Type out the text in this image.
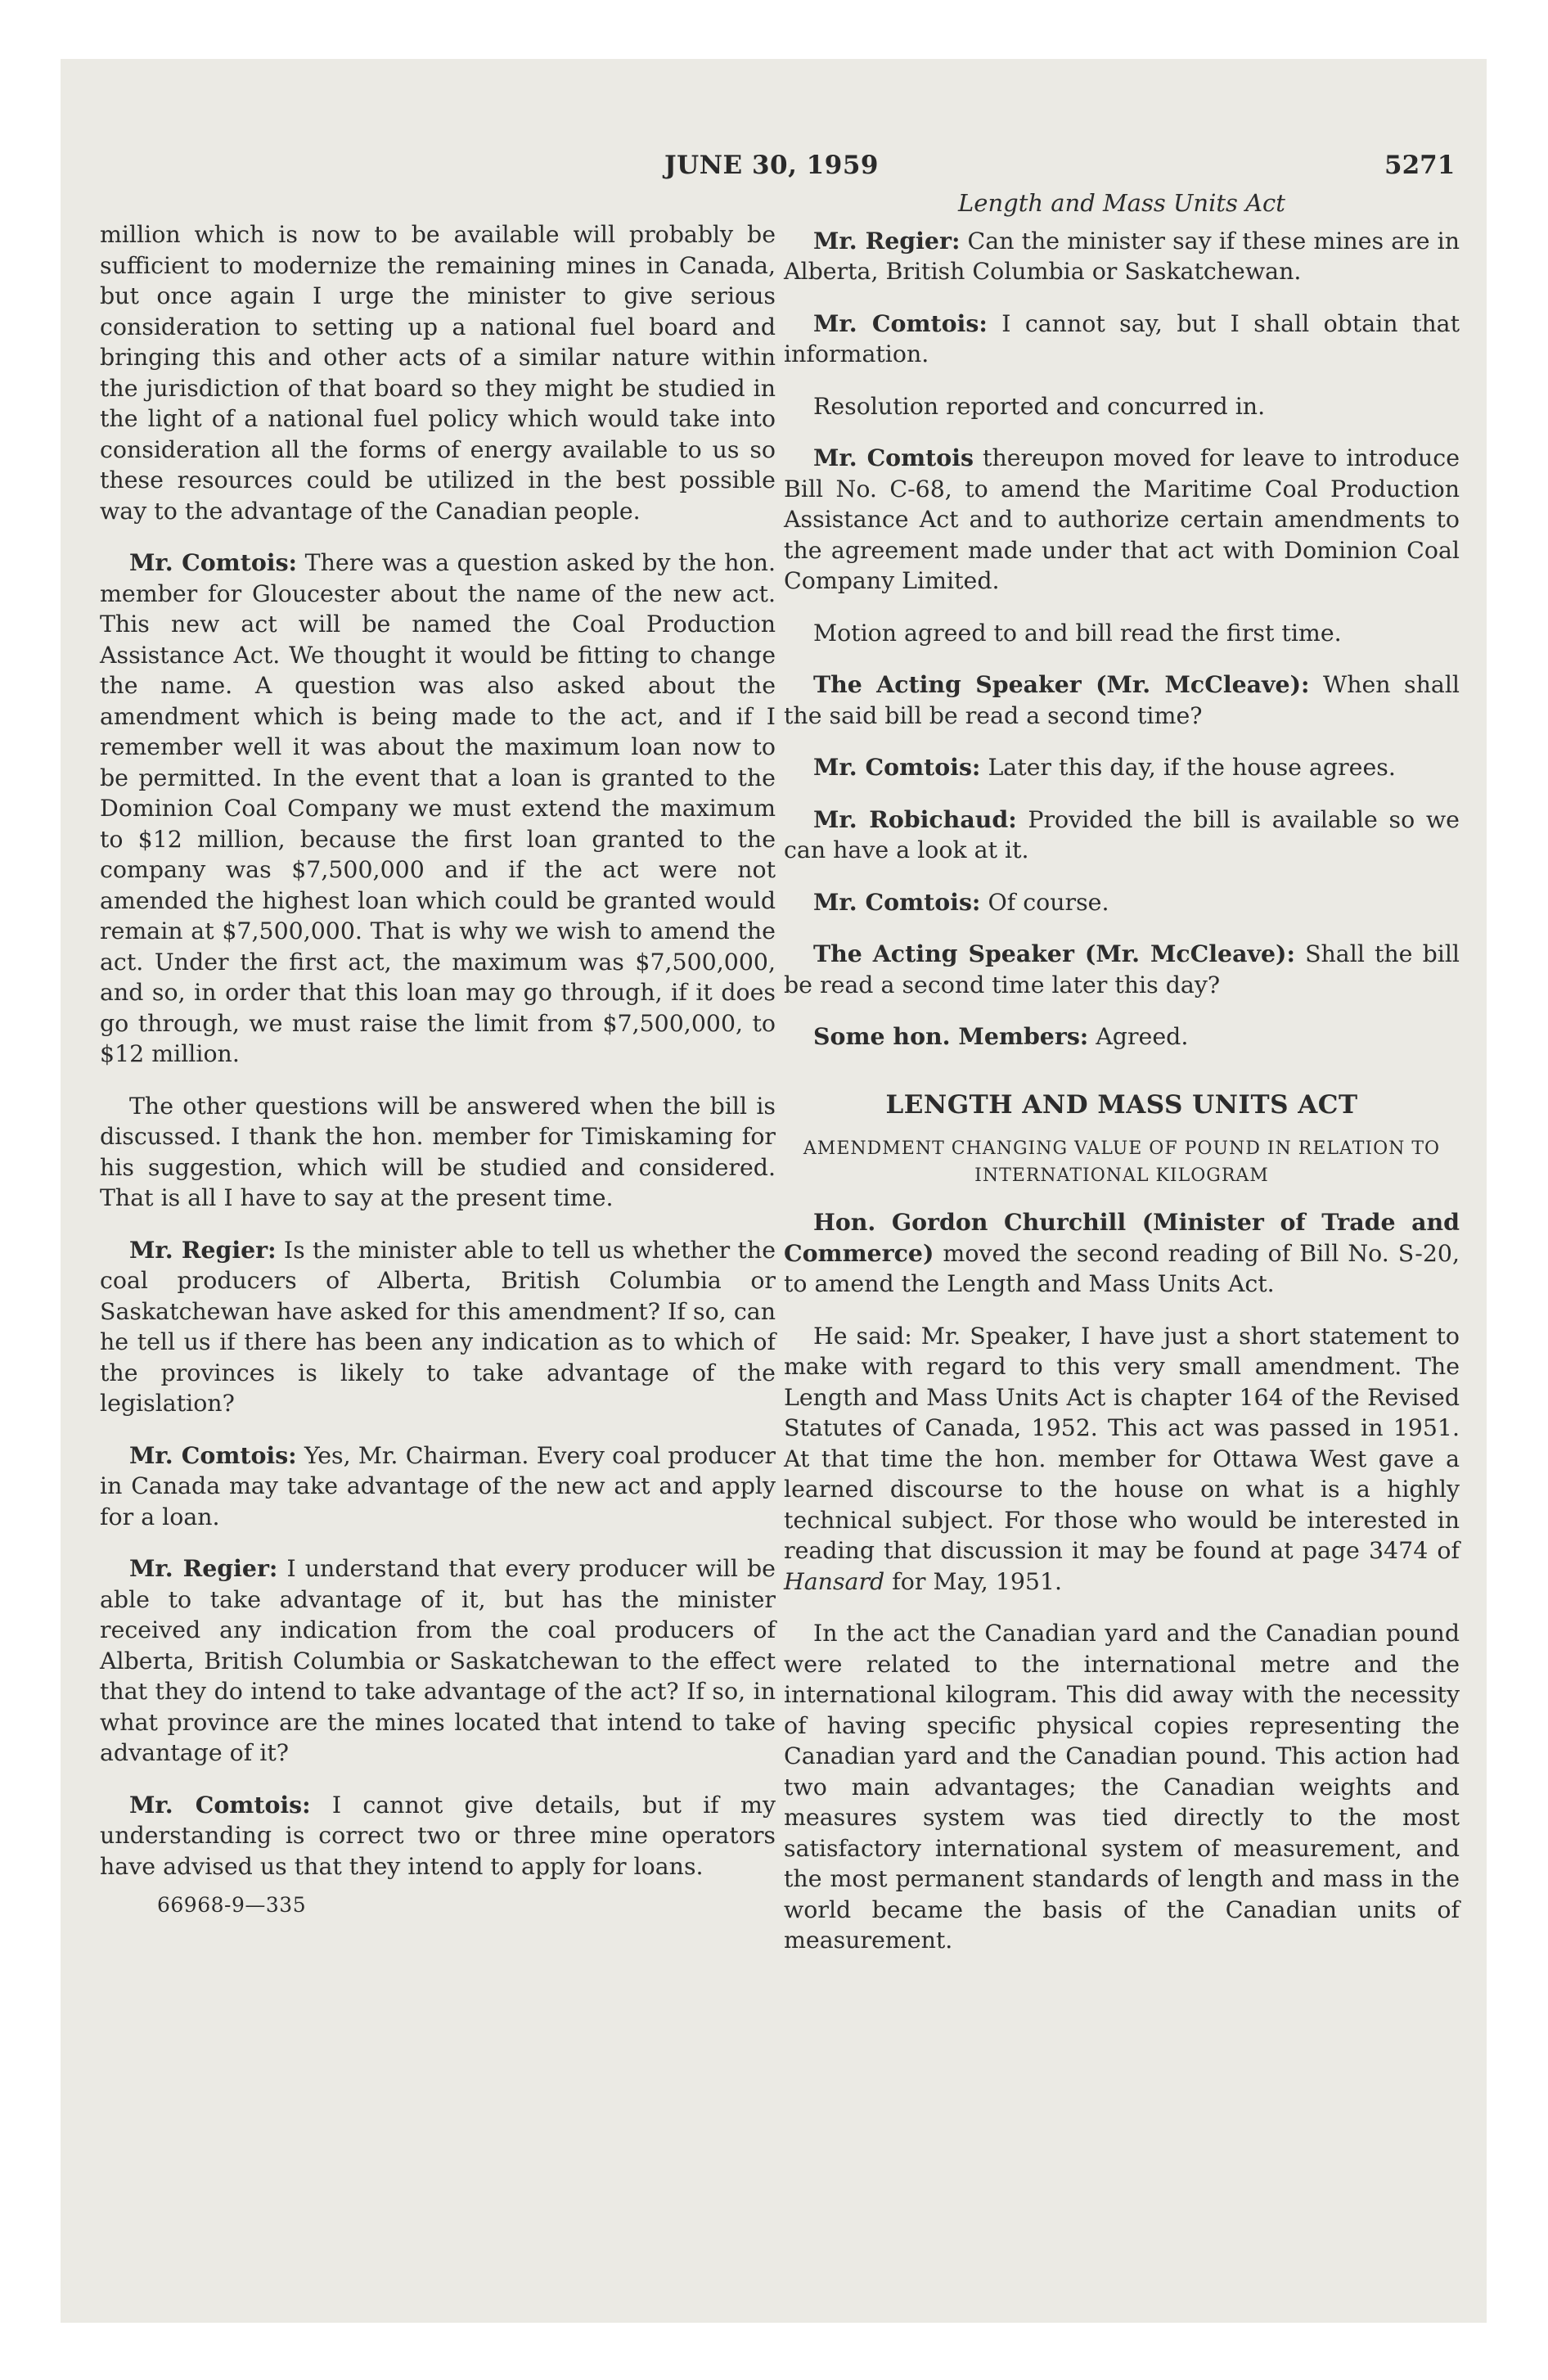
JUNE 30, 1959	5271

million which is now to be available will probably be sufficient to modernize the remaining mines in Canada, but once again I urge the minister to give serious consideration to setting up a national fuel board and bringing this and other acts of a similar nature within the jurisdiction of that board so they might be studied in the light of a national fuel policy which would take into consideration all the forms of energy available to us so these resources could be utilized in the best possible way to the advantage of the Canadian people.

Mr. Comtois: There was a question asked by the hon. member for Gloucester about the name of the new act. This new act will be named the Coal Production Assistance Act. We thought it would be fitting to change the name. A question was also asked about the amendment which is being made to the act, and if I remember well it was about the maximum loan now to be permitted. In the event that a loan is granted to the Dominion Coal Company we must extend the maximum to $12 million, because the first loan granted to the company was $7,500,000 and if the act were not amended the highest loan which could be granted would remain at $7,500,000. That is why we wish to amend the act. Under the first act, the maximum was $7,500,000, and so, in order that this loan may go through, if it does go through, we must raise the limit from $7,500,000, to $12 million.

The other questions will be answered when the bill is discussed. I thank the hon. member for Timiskaming for his suggestion, which will be studied and considered. That is all I have to say at the present time.

Mr. Regier: Is the minister able to tell us whether the coal producers of Alberta, British Columbia or Saskatchewan have asked for this amendment? If so, can he tell us if there has been any indication as to which of the provinces is likely to take advantage of the legislation?

Mr. Comtois: Yes, Mr. Chairman. Every coal producer in Canada may take advantage of the new act and apply for a loan.

Mr. Regier: I understand that every producer will be able to take advantage of it, but has the minister received any indication from the coal producers of Alberta, British Columbia or Saskatchewan to the effect that they do intend to take advantage of the act? If so, in what province are the mines located that intend to take advantage of it?

Mr. Comtois: I cannot give details, but if my understanding is correct two or three mine operators have advised us that they intend to apply for loans.

66968-9—335
Length and Mass Units Act

Mr. Regier: Can the minister say if these mines are in Alberta, British Columbia or Saskatchewan.

Mr. Comtois: I cannot say, but I shall obtain that information.

Resolution reported and concurred in.

Mr. Comtois thereupon moved for leave to introduce Bill No. C-68, to amend the Maritime Coal Production Assistance Act and to authorize certain amendments to the agreement made under that act with Dominion Coal Company Limited.

Motion agreed to and bill read the first time.

The Acting Speaker (Mr. McCleave): When shall the said bill be read a second time?

Mr. Comtois: Later this day, if the house agrees.

Mr. Robichaud: Provided the bill is available so we can have a look at it.

Mr. Comtois: Of course.

The Acting Speaker (Mr. McCleave): Shall the bill be read a second time later this day?

Some hon. Members: Agreed.

LENGTH AND MASS UNITS ACT
AMENDMENT CHANGING VALUE OF POUND IN RELATION TO INTERNATIONAL KILOGRAM

Hon. Gordon Churchill (Minister of Trade and Commerce) moved the second reading of Bill No. S-20, to amend the Length and Mass Units Act.

He said: Mr. Speaker, I have just a short statement to make with regard to this very small amendment. The Length and Mass Units Act is chapter 164 of the Revised Statutes of Canada, 1952. This act was passed in 1951. At that time the hon. member for Ottawa West gave a learned discourse to the house on what is a highly technical subject. For those who would be interested in reading that discussion it may be found at page 3474 of Hansard for May, 1951.

In the act the Canadian yard and the Canadian pound were related to the international metre and the international kilogram. This did away with the necessity of having specific physical copies representing the Canadian yard and the Canadian pound. This action had two main advantages; the Canadian weights and measures system was tied directly to the most satisfactory international system of measurement, and the most permanent standards of length and mass in the world became the basis of the Canadian units of measurement.
